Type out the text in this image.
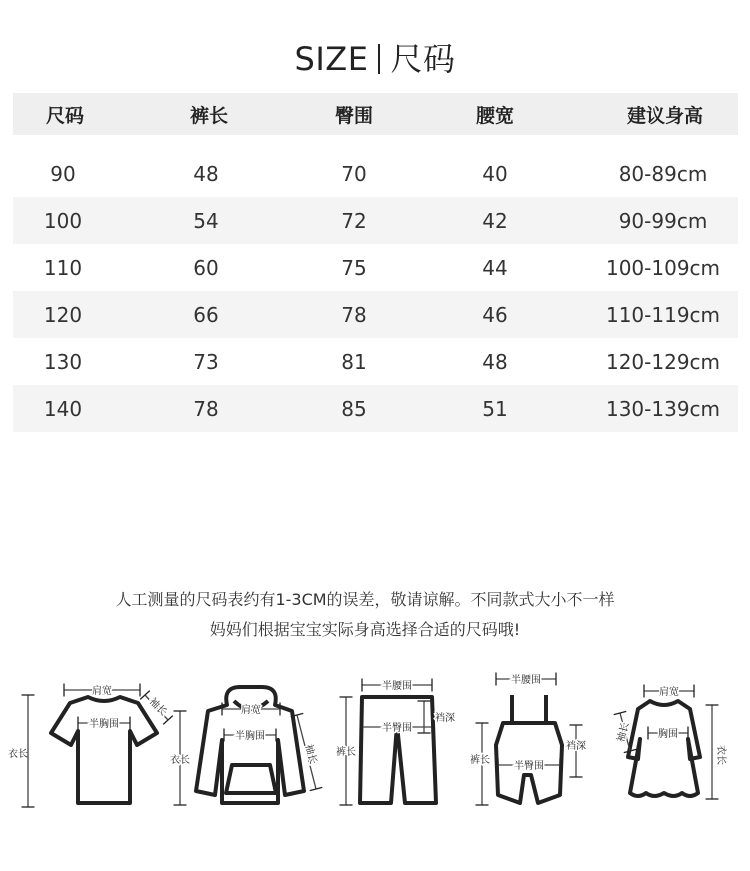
SIZE 尺码
尺码	裤长	臀围	腰宽	建议身高
90	48	70	40	80-89cm
100	54	72	42	90-99cm
110	60	75	44	100-109cm
120	66	78	46	110-119cm
130	73	81	48	120-129cm
140	78	85	51	130-139cm
人工测量的尺码表约有1-3CM的误差，敬请谅解。不同款式大小不一样
妈妈们根据宝宝实际身高选择合适的尺码哦!
肩宽
半胸围
衣长
袖长	肩宽
半胸围
衣长	袖长
半腰围
半臀围
裆深
裤长
半腰围
半臀围
裆深
裤长
肩宽
胸围
衣长
袖长
